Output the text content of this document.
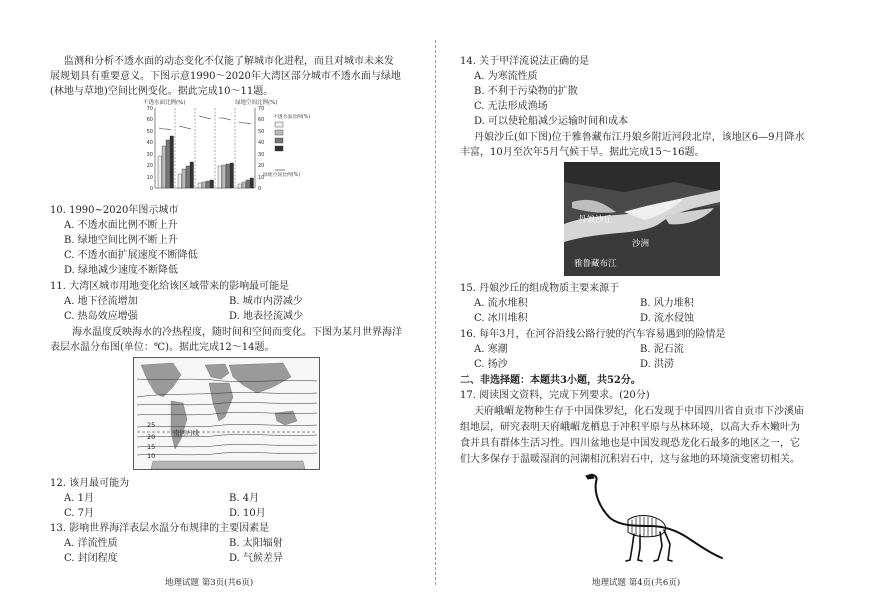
监测和分析不透水面的动态变化不仅能了解城市化进程，而且对城市未来发
展规划具有重要意义。下图示意1990～2020年大湾区部分城市不透水面与绿地
(林地与草地)空间比例变化。据此完成10～11题。
不透水面比例(%)	绿地空间比例(%)
70
60
50
40
30
20
10
0
70
60
50
40
30
20
10
0
不透水面比例(%)
绿地空间比例(%)
10. 1990~2020年图示城市
A. 不透水面比例不断上升
B. 绿地空间比例不断上升
C. 不透水面扩展速度不断降低
D. 绿地减少速度不断降低
11. 大湾区城市用地变化给该区域带来的影响最可能是
A. 地下径流增加	B. 城市内涝减少
C. 热岛效应增强	D. 地表径流减少
海水温度反映海水的冷热程度，随时间和空间而变化。下图为某月世界海洋
表层水温分布图(单位：℃)。据此完成12～14题。
25
20
15
10
南回归线
12. 该月最可能为
A. 1月	B. 4月
C. 7月	D. 10月
13. 影响世界海洋表层水温分布规律的主要因素是
A. 洋流性质	B. 太阳辐射
C. 封闭程度	D. 气候差异
地理试题 第3页(共6页)
14. 关于甲洋流说法正确的是
A. 为寒流性质
B. 不利于污染物的扩散
C. 无法形成渔场
D. 可以使轮船减少运输时间和成本
丹娘沙丘(如下图)位于雅鲁藏布江丹娘乡附近河段北岸，该地区6—9月降水
丰富，10月至次年5月气候干旱。据此完成15～16题。
丹娘沙丘
沙洲
雅鲁藏布江
15. 丹娘沙丘的组成物质主要来源于
A. 流水堆积	B. 风力堆积
C. 冰川堆积	D. 流水侵蚀
16. 每年3月，在河谷沿线公路行驶的汽车容易遇到的险情是
A. 寒潮	B. 泥石流
C. 扬沙	D. 洪涝
二、非选择题：本题共3小题，共52分。
17. 阅读图文资料，完成下列要求。(20分)
天府峨嵋龙物种生存于中国侏罗纪，化石发现于中国四川省自贡市下沙溪庙
组地层，研究表明天府峨嵋龙栖息于冲积平原与丛林环境，以高大乔木嫩叶为
食并具有群体生活习性。四川盆地也是中国发现恐龙化石最多的地区之一，它
们大多保存于温暖湿润的河湖相沉积岩石中，这与盆地的环境演变密切相关。
地理试题 第4页(共6页)
